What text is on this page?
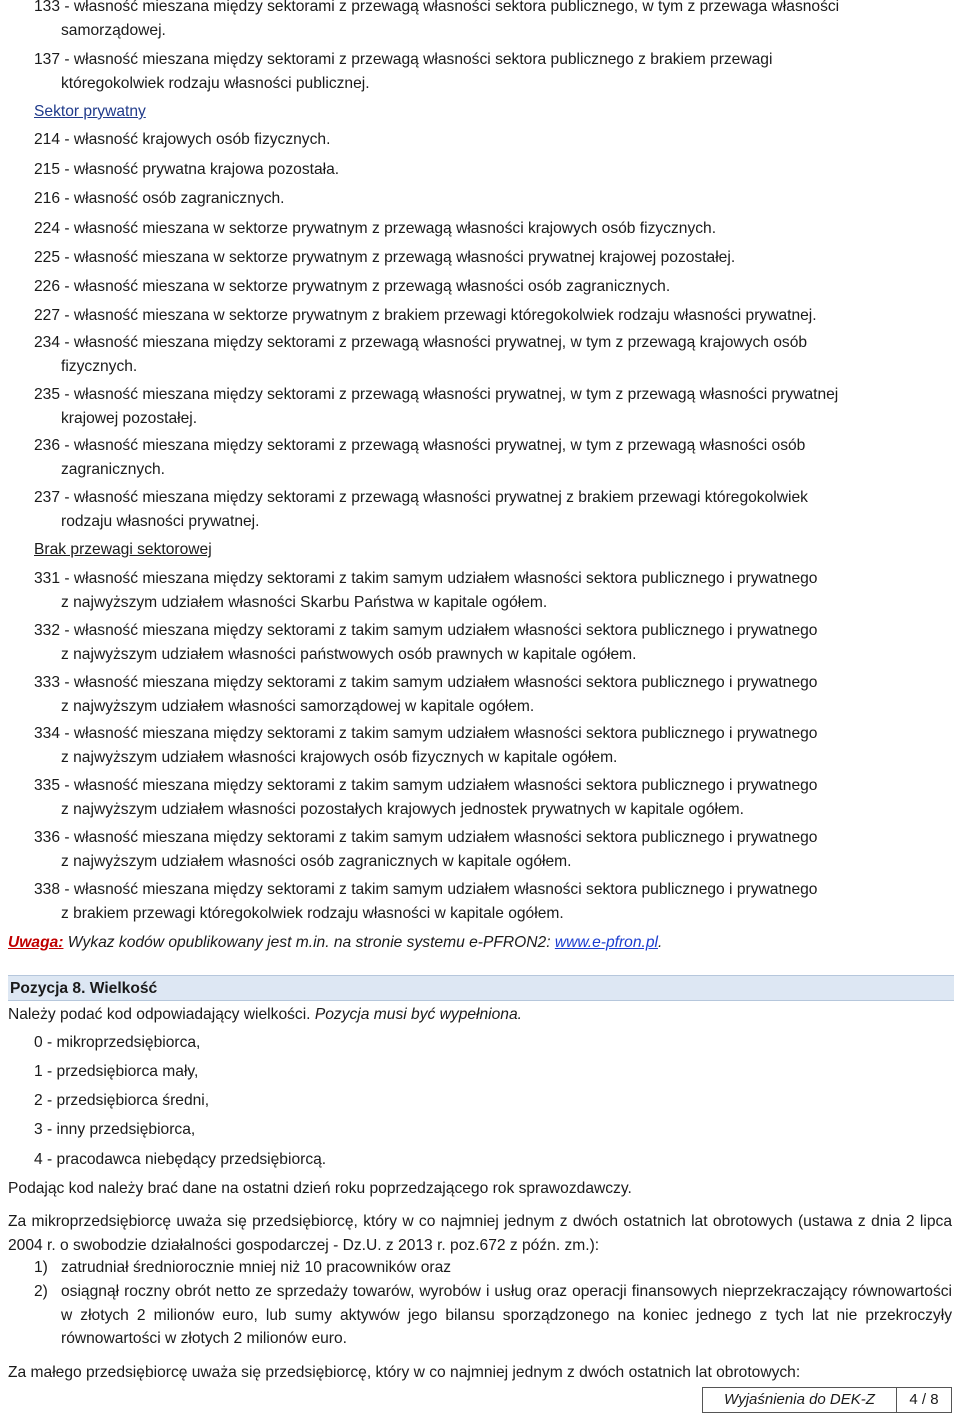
133 - własność mieszana między sektorami z przewagą własności sektora publicznego, w tym z przewaga własności
samorządowej.
137 - własność mieszana między sektorami z przewagą własności sektora publicznego z brakiem przewagi
któregokolwiek rodzaju własności publicznej.
Sektor prywatny
214 - własność krajowych osób fizycznych.
215 - własność prywatna krajowa pozostała.
216 - własność osób zagranicznych.
224 - własność mieszana w sektorze prywatnym z przewagą własności krajowych osób fizycznych.
225 - własność mieszana w sektorze prywatnym z przewagą własności prywatnej krajowej pozostałej.
226 - własność mieszana w sektorze prywatnym z przewagą własności osób zagranicznych.
227 - własność mieszana w sektorze prywatnym z brakiem przewagi któregokolwiek rodzaju własności prywatnej.
234 - własność mieszana między sektorami z przewagą własności prywatnej, w tym z przewagą krajowych osób
fizycznych.
235 - własność mieszana między sektorami z przewagą własności prywatnej, w tym z przewagą własności prywatnej
krajowej pozostałej.
236 - własność mieszana między sektorami z przewagą własności prywatnej, w tym z przewagą własności osób
zagranicznych.
237 - własność mieszana między sektorami z przewagą własności prywatnej z brakiem przewagi któregokolwiek
rodzaju własności prywatnej.
Brak przewagi sektorowej
331 - własność mieszana między sektorami z takim samym udziałem własności sektora publicznego i prywatnego
z najwyższym udziałem własności Skarbu Państwa w kapitale ogółem.
332 - własność mieszana między sektorami z takim samym udziałem własności sektora publicznego i prywatnego
z najwyższym udziałem własności państwowych osób prawnych w kapitale ogółem.
333 - własność mieszana między sektorami z takim samym udziałem własności sektora publicznego i prywatnego
z najwyższym udziałem własności samorządowej w kapitale ogółem.
334 - własność mieszana między sektorami z takim samym udziałem własności sektora publicznego i prywatnego
z najwyższym udziałem własności krajowych osób fizycznych w kapitale ogółem.
335 - własność mieszana między sektorami z takim samym udziałem własności sektora publicznego i prywatnego
z najwyższym udziałem własności pozostałych krajowych jednostek prywatnych w kapitale ogółem.
336 - własność mieszana między sektorami z takim samym udziałem własności sektora publicznego i prywatnego
z najwyższym udziałem własności osób zagranicznych w kapitale ogółem.
338 - własność mieszana między sektorami z takim samym udziałem własności sektora publicznego i prywatnego
z brakiem przewagi któregokolwiek rodzaju własności w kapitale ogółem.
Uwaga: Wykaz kodów opublikowany jest m.in. na stronie systemu e-PFRON2: www.e-pfron.pl.
Pozycja 8. Wielkość
Należy podać kod odpowiadający wielkości. Pozycja musi być wypełniona.
0 - mikroprzedsiębiorca,
1 - przedsiębiorca mały,
2 - przedsiębiorca średni,
3 - inny przedsiębiorca,
4 - pracodawca niebędący przedsiębiorcą.
Podając kod należy brać dane na ostatni dzień roku poprzedzającego rok sprawozdawczy.
Za mikroprzedsiębiorcę uważa się przedsiębiorcę, który w co najmniej jednym z dwóch ostatnich lat obrotowych (ustawa z dnia 2 lipca 2004 r. o swobodzie działalności gospodarczej - Dz.U. z 2013 r. poz.672 z późn. zm.):
1) zatrudniał średniorocznie mniej niż 10 pracowników oraz
2) osiągnął roczny obrót netto ze sprzedaży towarów, wyrobów i usług oraz operacji finansowych nieprzekraczający równowartości w złotych 2 milionów euro, lub sumy aktywów jego bilansu sporządzonego na koniec jednego z tych lat nie przekroczyły równowartości w złotych 2 milionów euro.
Za małego przedsiębiorcę uważa się przedsiębiorcę, który w co najmniej jednym z dwóch ostatnich lat obrotowych:
Wyjaśnienia do DEK-Z	4 / 8
